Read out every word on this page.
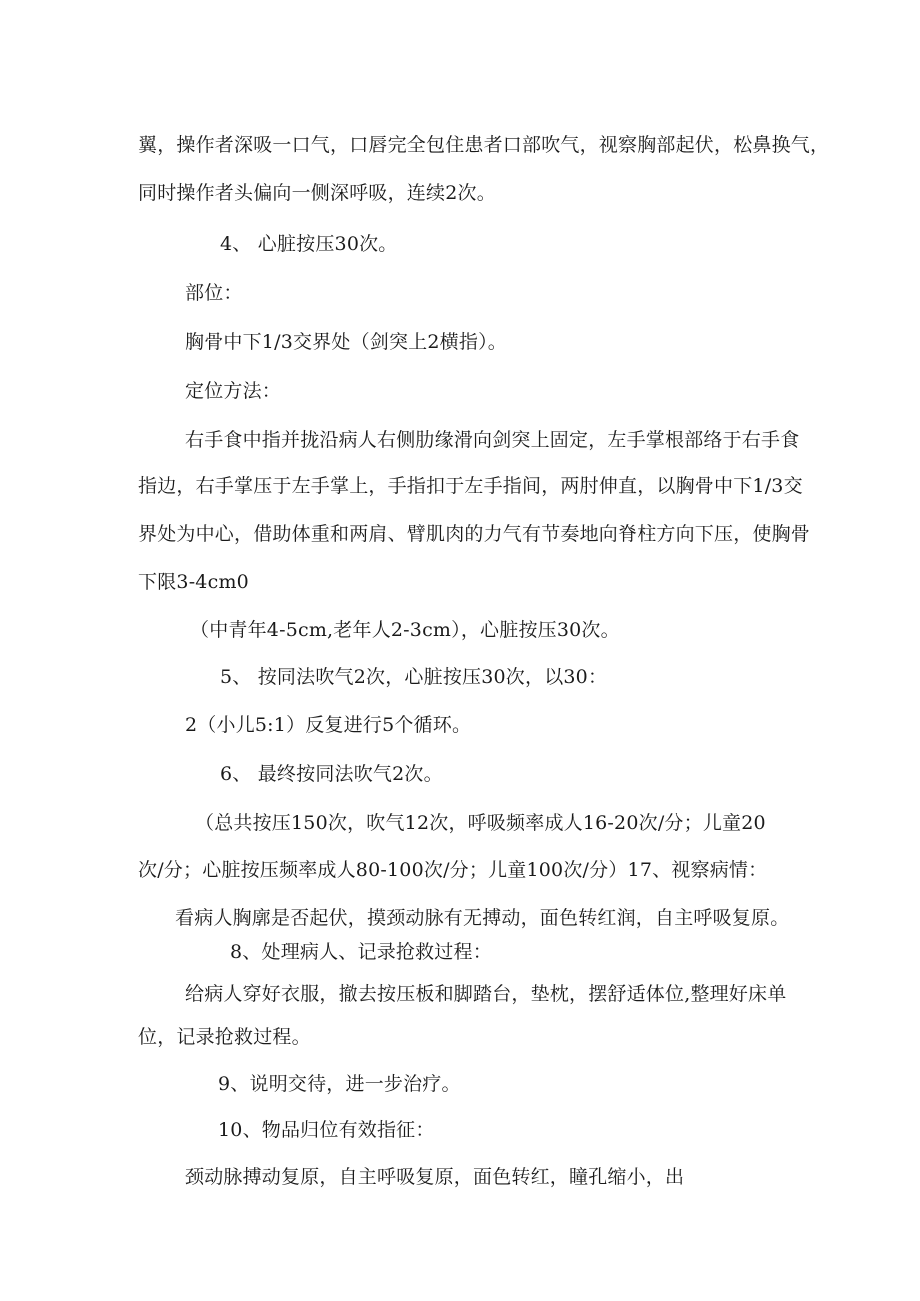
翼，操作者深吸一口气，口唇完全包住患者口部吹气，视察胸部起伏，松鼻换气，
同时操作者头偏向一侧深呼吸，连续2次。
4、 心脏按压30次。
部位：
胸骨中下1/3交界处（剑突上2横指）。
定位方法：
右手食中指并拢沿病人右侧肋缘滑向剑突上固定，左手掌根部络于右手食
指边，右手掌压于左手掌上，手指扣于左手指间，两肘伸直，以胸骨中下1/3交
界处为中心，借助体重和两肩、臂肌肉的力气有节奏地向脊柱方向下压，使胸骨
下限3-4cm0
（中青年4-5cm,老年人2-3cm），心脏按压30次。
5、 按同法吹气2次，心脏按压30次，以30：
2（小儿5:1）反复进行5个循环。
6、 最终按同法吹气2次。
（总共按压150次，吹气12次，呼吸频率成人16-20次/分；儿童20
次/分；心脏按压频率成人80-100次/分；儿童100次/分）17、视察病情：
看病人胸廓是否起伏，摸颈动脉有无搏动，面色转红润，自主呼吸复原。
8、处理病人、记录抢救过程：
给病人穿好衣服，撤去按压板和脚踏台，垫枕，摆舒适体位,整理好床单
位，记录抢救过程。
9、说明交待，进一步治疗。
10、物品归位有效指征：
颈动脉搏动复原，自主呼吸复原，面色转红，瞳孔缩小，出
